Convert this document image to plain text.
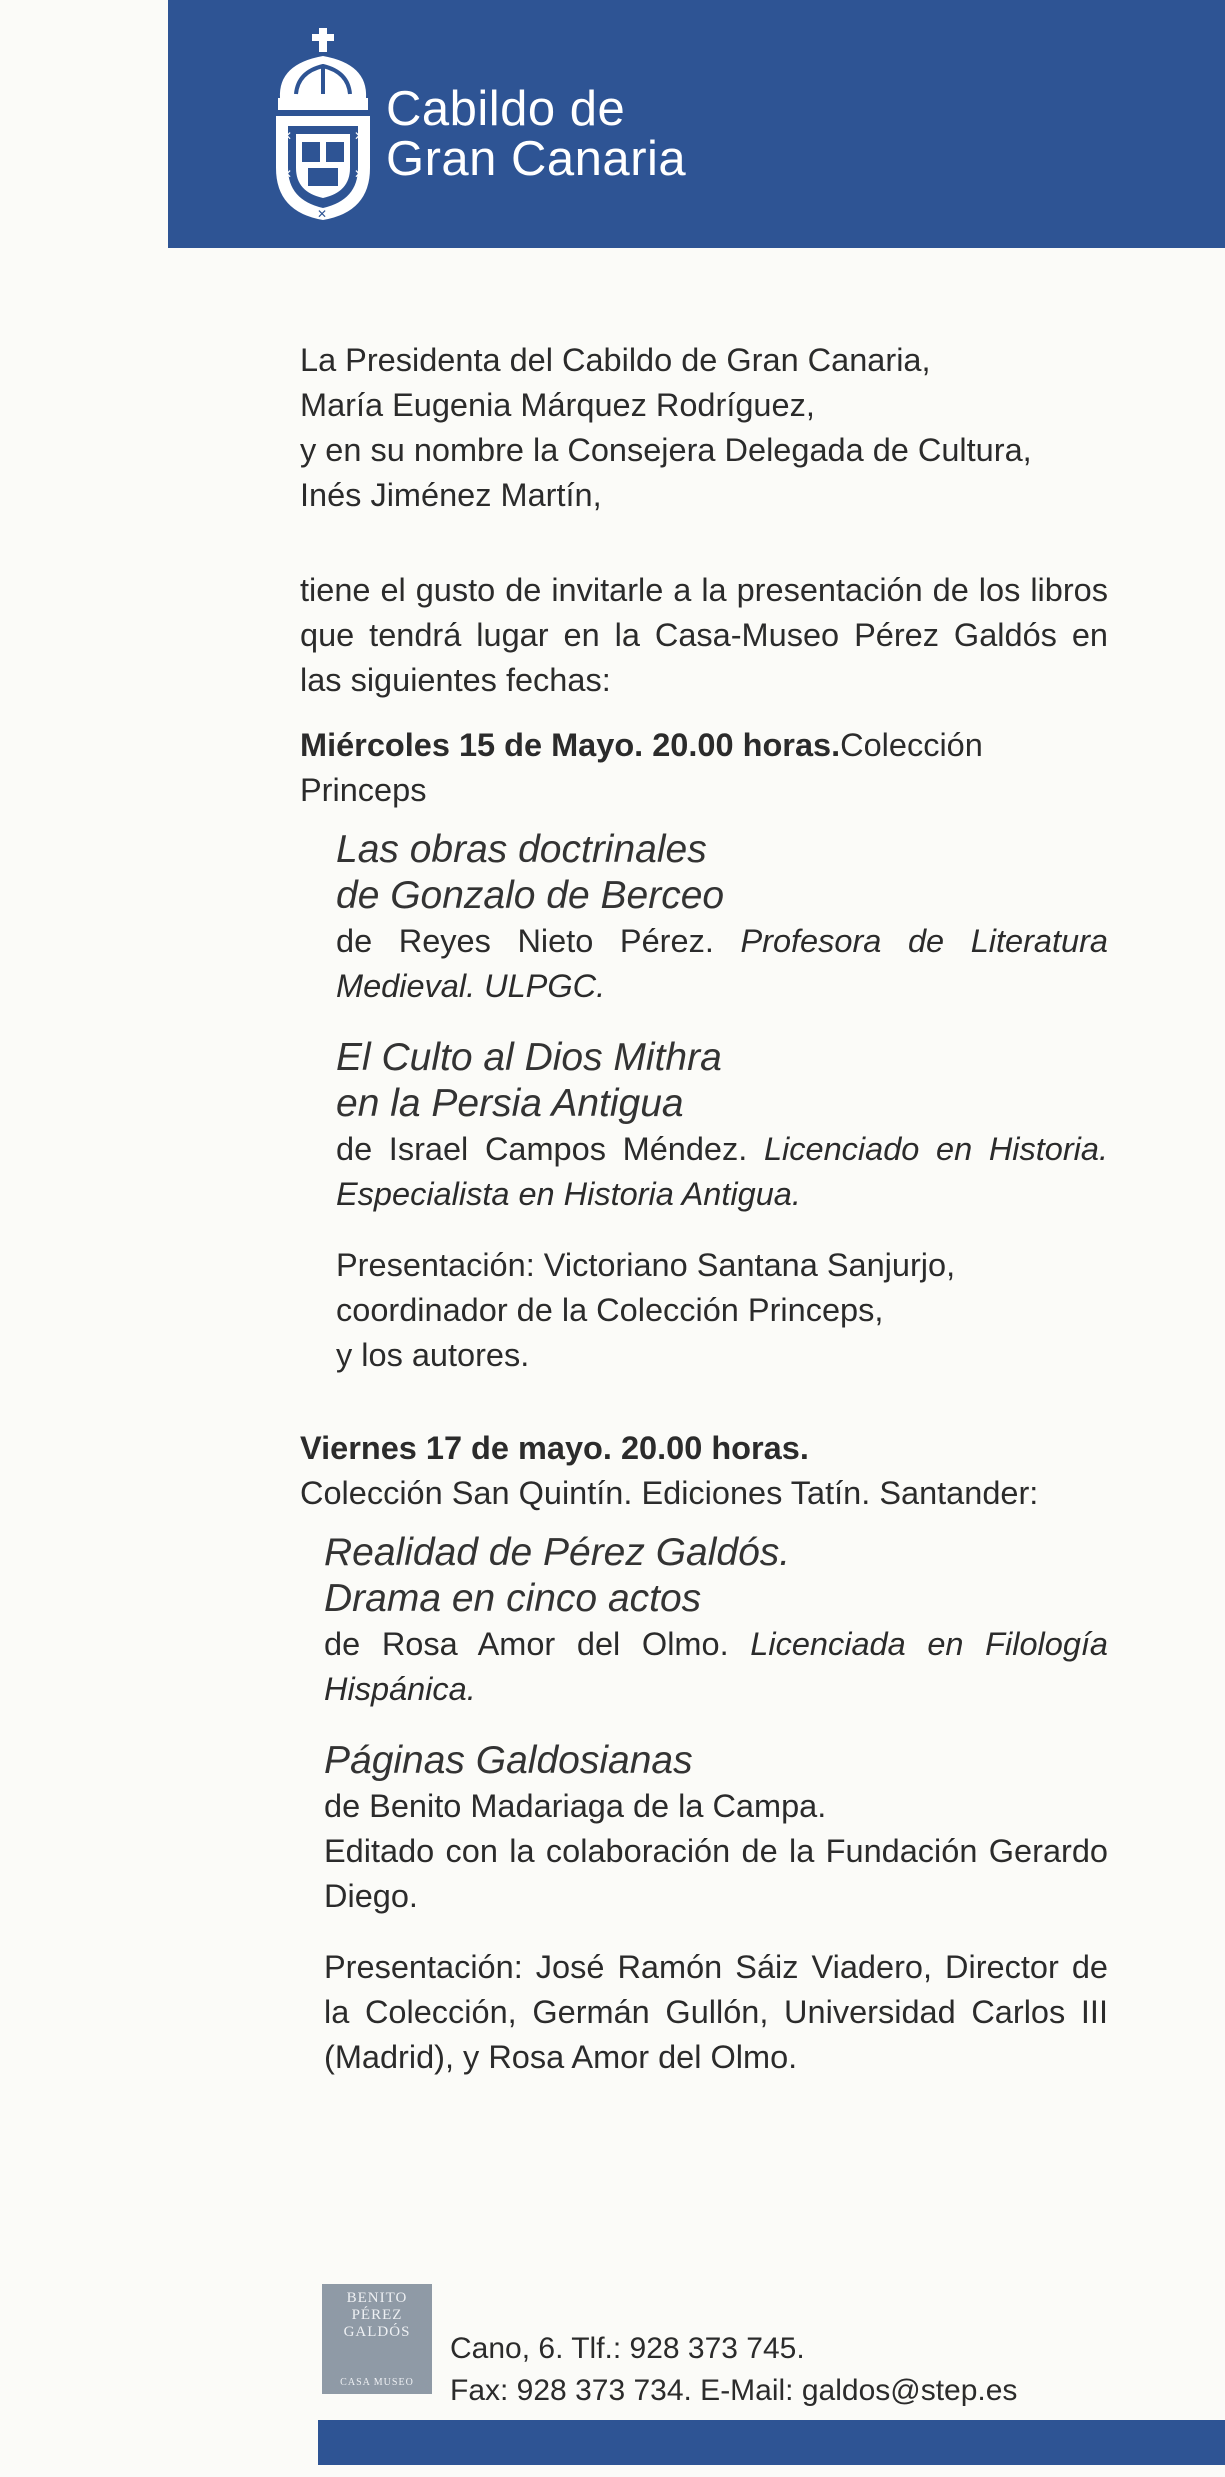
✕	✕
✕	✕
✕
Cabildo de
Gran Canaria

La Presidenta del Cabildo de Gran Canaria,
María Eugenia Márquez Rodríguez,
y en su nombre la Consejera Delegada de Cultura,
Inés Jiménez Martín,

tiene el gusto de invitarle a la presentación de los libros que tendrá lugar en la Casa-Museo Pérez Galdós en las siguientes fechas:

Miércoles 15 de Mayo. 20.00 horas.Colección Princeps

Las obras doctrinales
de Gonzalo de Berceo

de Reyes Nieto Pérez. Profesora de Literatura Medieval. ULPGC.

El Culto al Dios Mithra
en la Persia Antigua

de Israel Campos Méndez. Licenciado en Historia. Especialista en Historia Antigua.

Presentación: Victoriano Santana Sanjurjo,
coordinador de la Colección Princeps,
y los autores.

Viernes 17 de mayo. 20.00 horas.
Colección San Quintín. Ediciones Tatín. Santander:

Realidad de Pérez Galdós.
Drama en cinco actos

de Rosa Amor del Olmo. Licenciada en Filología Hispánica.

Páginas Galdosianas

de Benito Madariaga de la Campa.
Editado con la colaboración de la Fundación Gerardo Diego.

Presentación: José Ramón Sáiz Viadero, Director de la Colección, Germán Gullón, Universidad Carlos III (Madrid), y Rosa Amor del Olmo.

BENITO
PÉREZ
GALDÓS
CASA MUSEO
Cano, 6. Tlf.: 928 373 745.
Fax: 928 373 734. E-Mail: galdos@step.es
